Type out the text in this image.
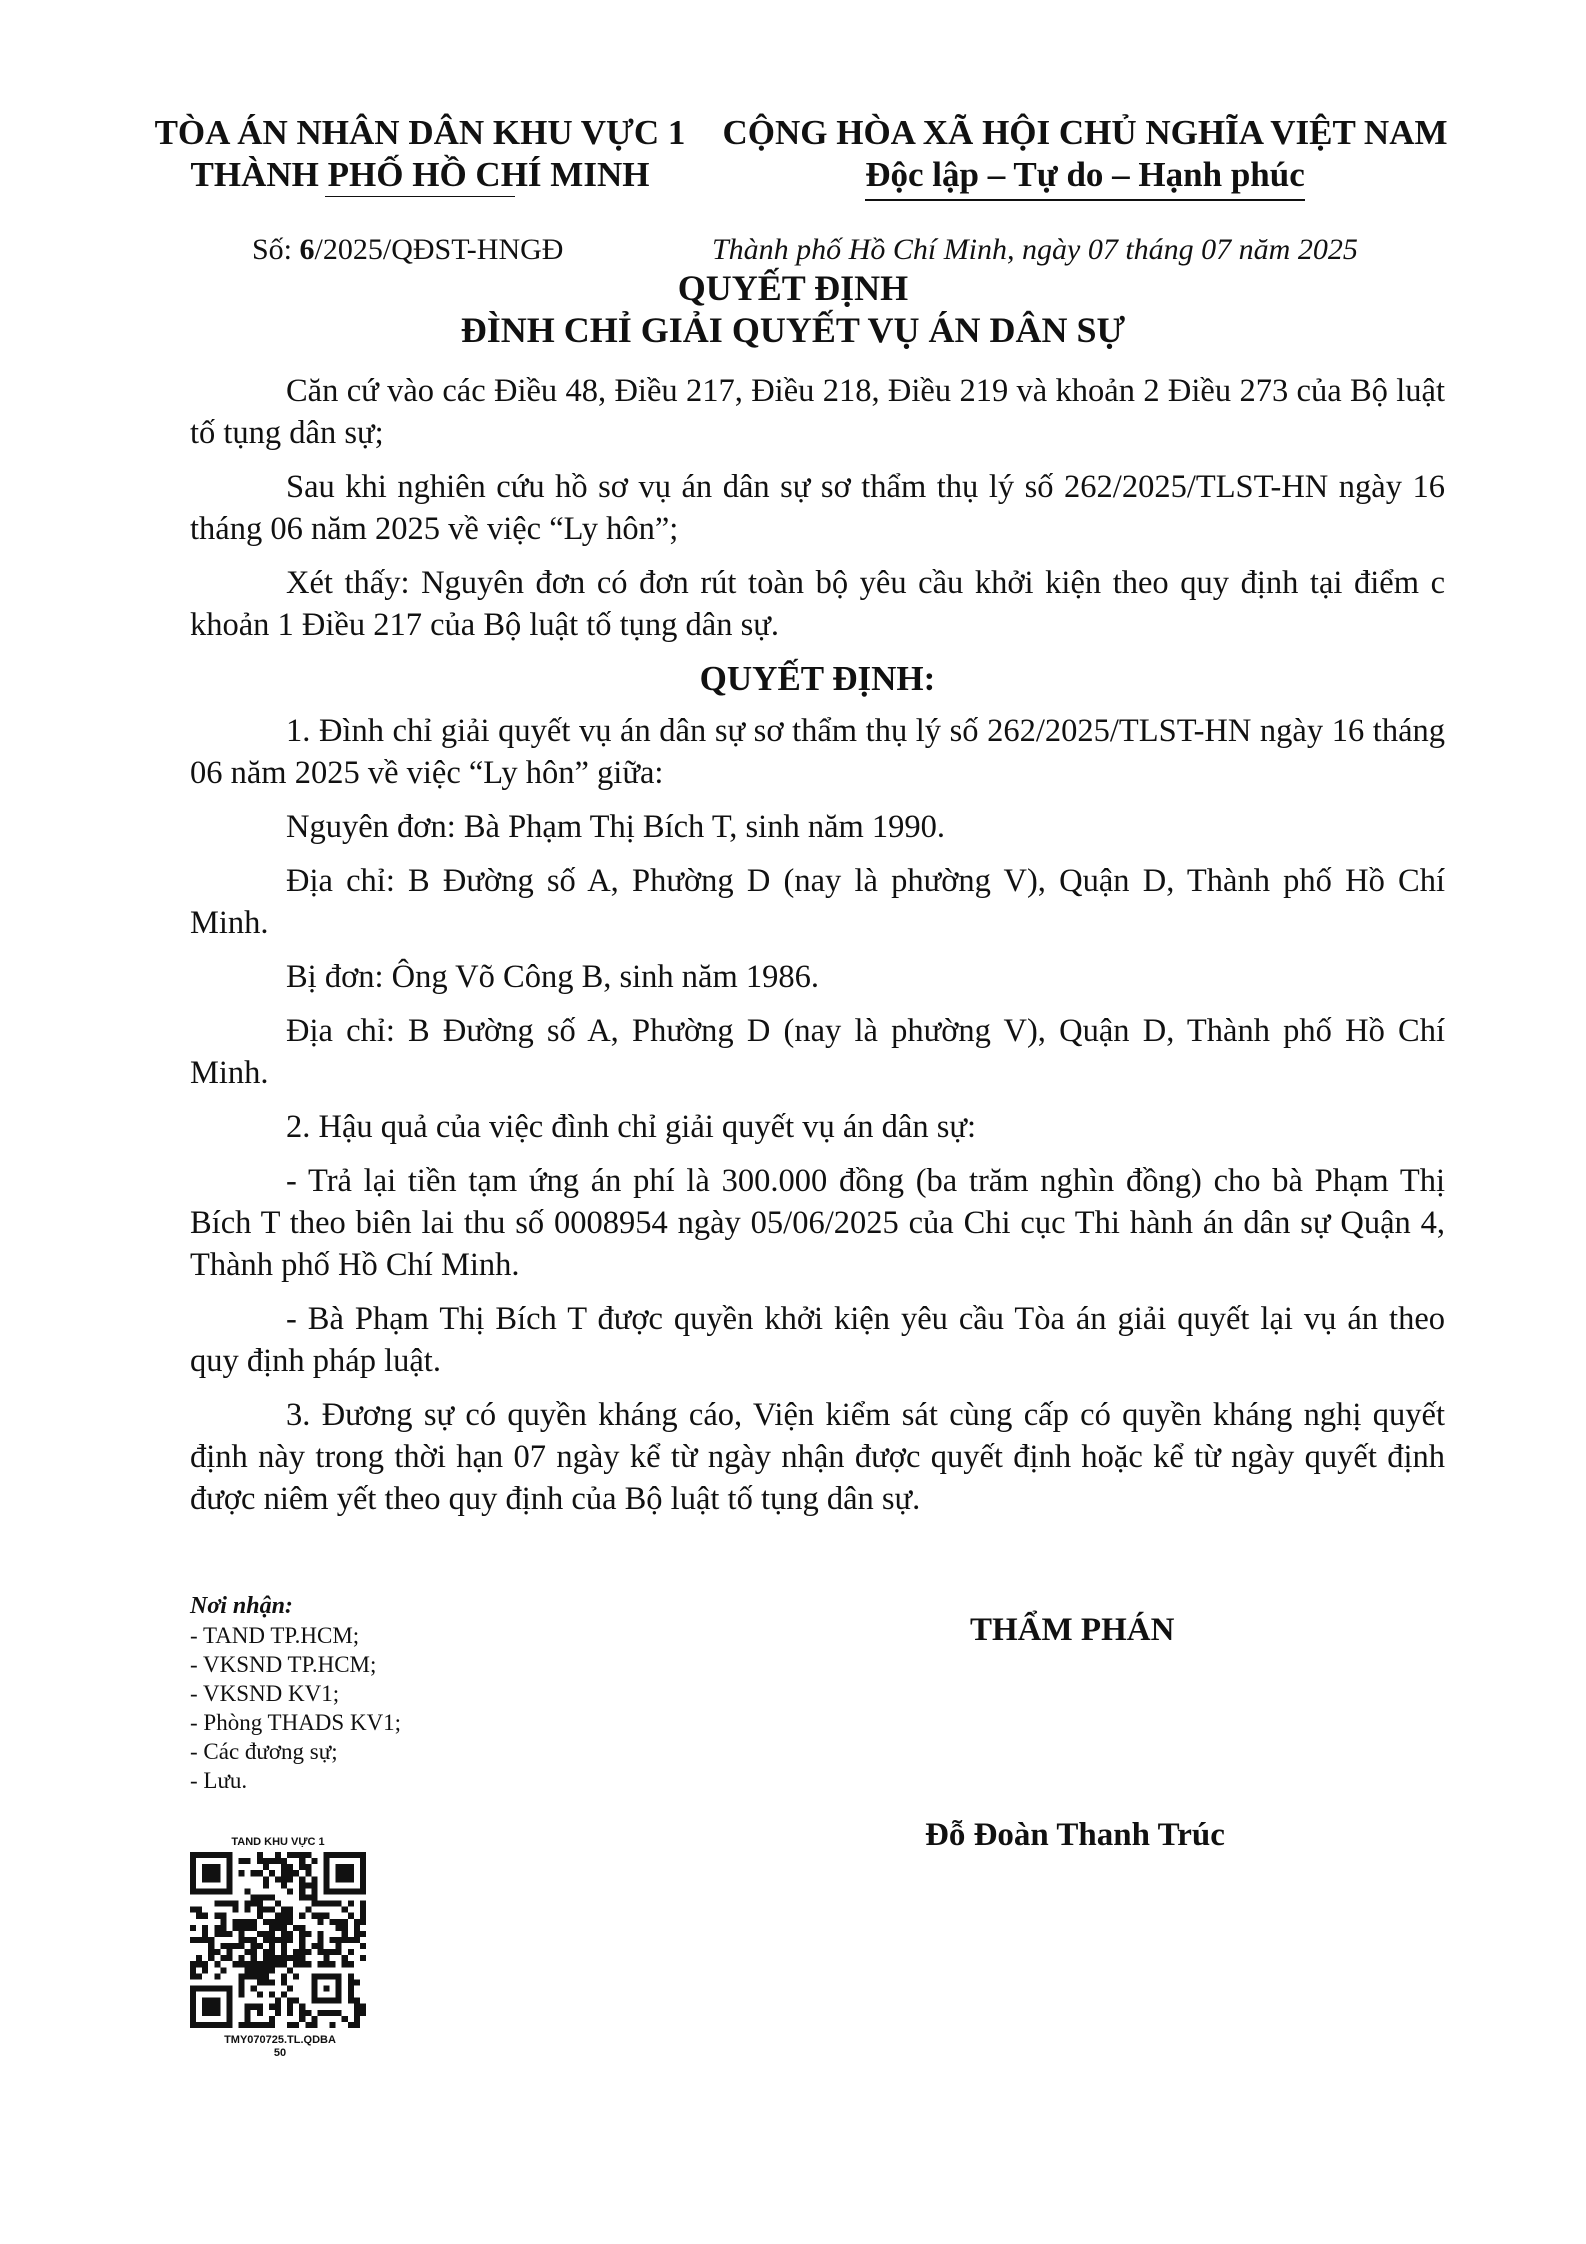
TÒA ÁN NHÂN DÂN KHU VỰC 1
THÀNH PHỐ HỒ CHÍ MINH
CỘNG HÒA XÃ HỘI CHỦ NGHĨA VIỆT NAM
Độc lập – Tự do – Hạnh phúc
Số: 6/2025/QĐST-HNGĐ	Thành phố Hồ Chí Minh, ngày 07 tháng 07 năm 2025
QUYẾT ĐỊNH
ĐÌNH CHỈ GIẢI QUYẾT VỤ ÁN DÂN SỰ

Căn cứ vào các Điều 48, Điều 217, Điều 218, Điều 219 và khoản 2 Điều 273 của Bộ luật tố tụng dân sự;

Sau khi nghiên cứu hồ sơ vụ án dân sự sơ thẩm thụ lý số 262/2025/TLST-HN ngày 16 tháng 06 năm 2025 về việc “Ly hôn”;

Xét thấy: Nguyên đơn có đơn rút toàn bộ yêu cầu khởi kiện theo quy định tại điểm c khoản 1 Điều 217 của Bộ luật tố tụng dân sự.

QUYẾT ĐỊNH:

1. Đình chỉ giải quyết vụ án dân sự sơ thẩm thụ lý số 262/2025/TLST-HN ngày 16 tháng 06 năm 2025 về việc “Ly hôn” giữa:

Nguyên đơn: Bà Phạm Thị Bích T, sinh năm 1990.

Địa chỉ: B Đường số A, Phường D (nay là phường V), Quận D, Thành phố Hồ Chí Minh.

Bị đơn: Ông Võ Công B, sinh năm 1986.

Địa chỉ: B Đường số A, Phường D (nay là phường V), Quận D, Thành phố Hồ Chí Minh.

2. Hậu quả của việc đình chỉ giải quyết vụ án dân sự:

- Trả lại tiền tạm ứng án phí là 300.000 đồng (ba trăm nghìn đồng) cho bà Phạm Thị Bích T theo biên lai thu số 0008954 ngày 05/06/2025 của Chi cục Thi hành án dân sự Quận 4, Thành phố Hồ Chí Minh.

- Bà Phạm Thị Bích T được quyền khởi kiện yêu cầu Tòa án giải quyết lại vụ án theo quy định pháp luật.

3. Đương sự có quyền kháng cáo, Viện kiểm sát cùng cấp có quyền kháng nghị quyết định này trong thời hạn 07 ngày kể từ ngày nhận được quyết định hoặc kể từ ngày quyết định được niêm yết theo quy định của Bộ luật tố tụng dân sự.

Nơi nhận:
- TAND TP.HCM;
- VKSND TP.HCM;
- VKSND KV1;
- Phòng THADS KV1;
- Các đương sự;
- Lưu.
THẨM PHÁN
Đỗ Đoàn Thanh Trúc
TAND KHU VỰC 1
TMY070725.TL.QDBA
50
